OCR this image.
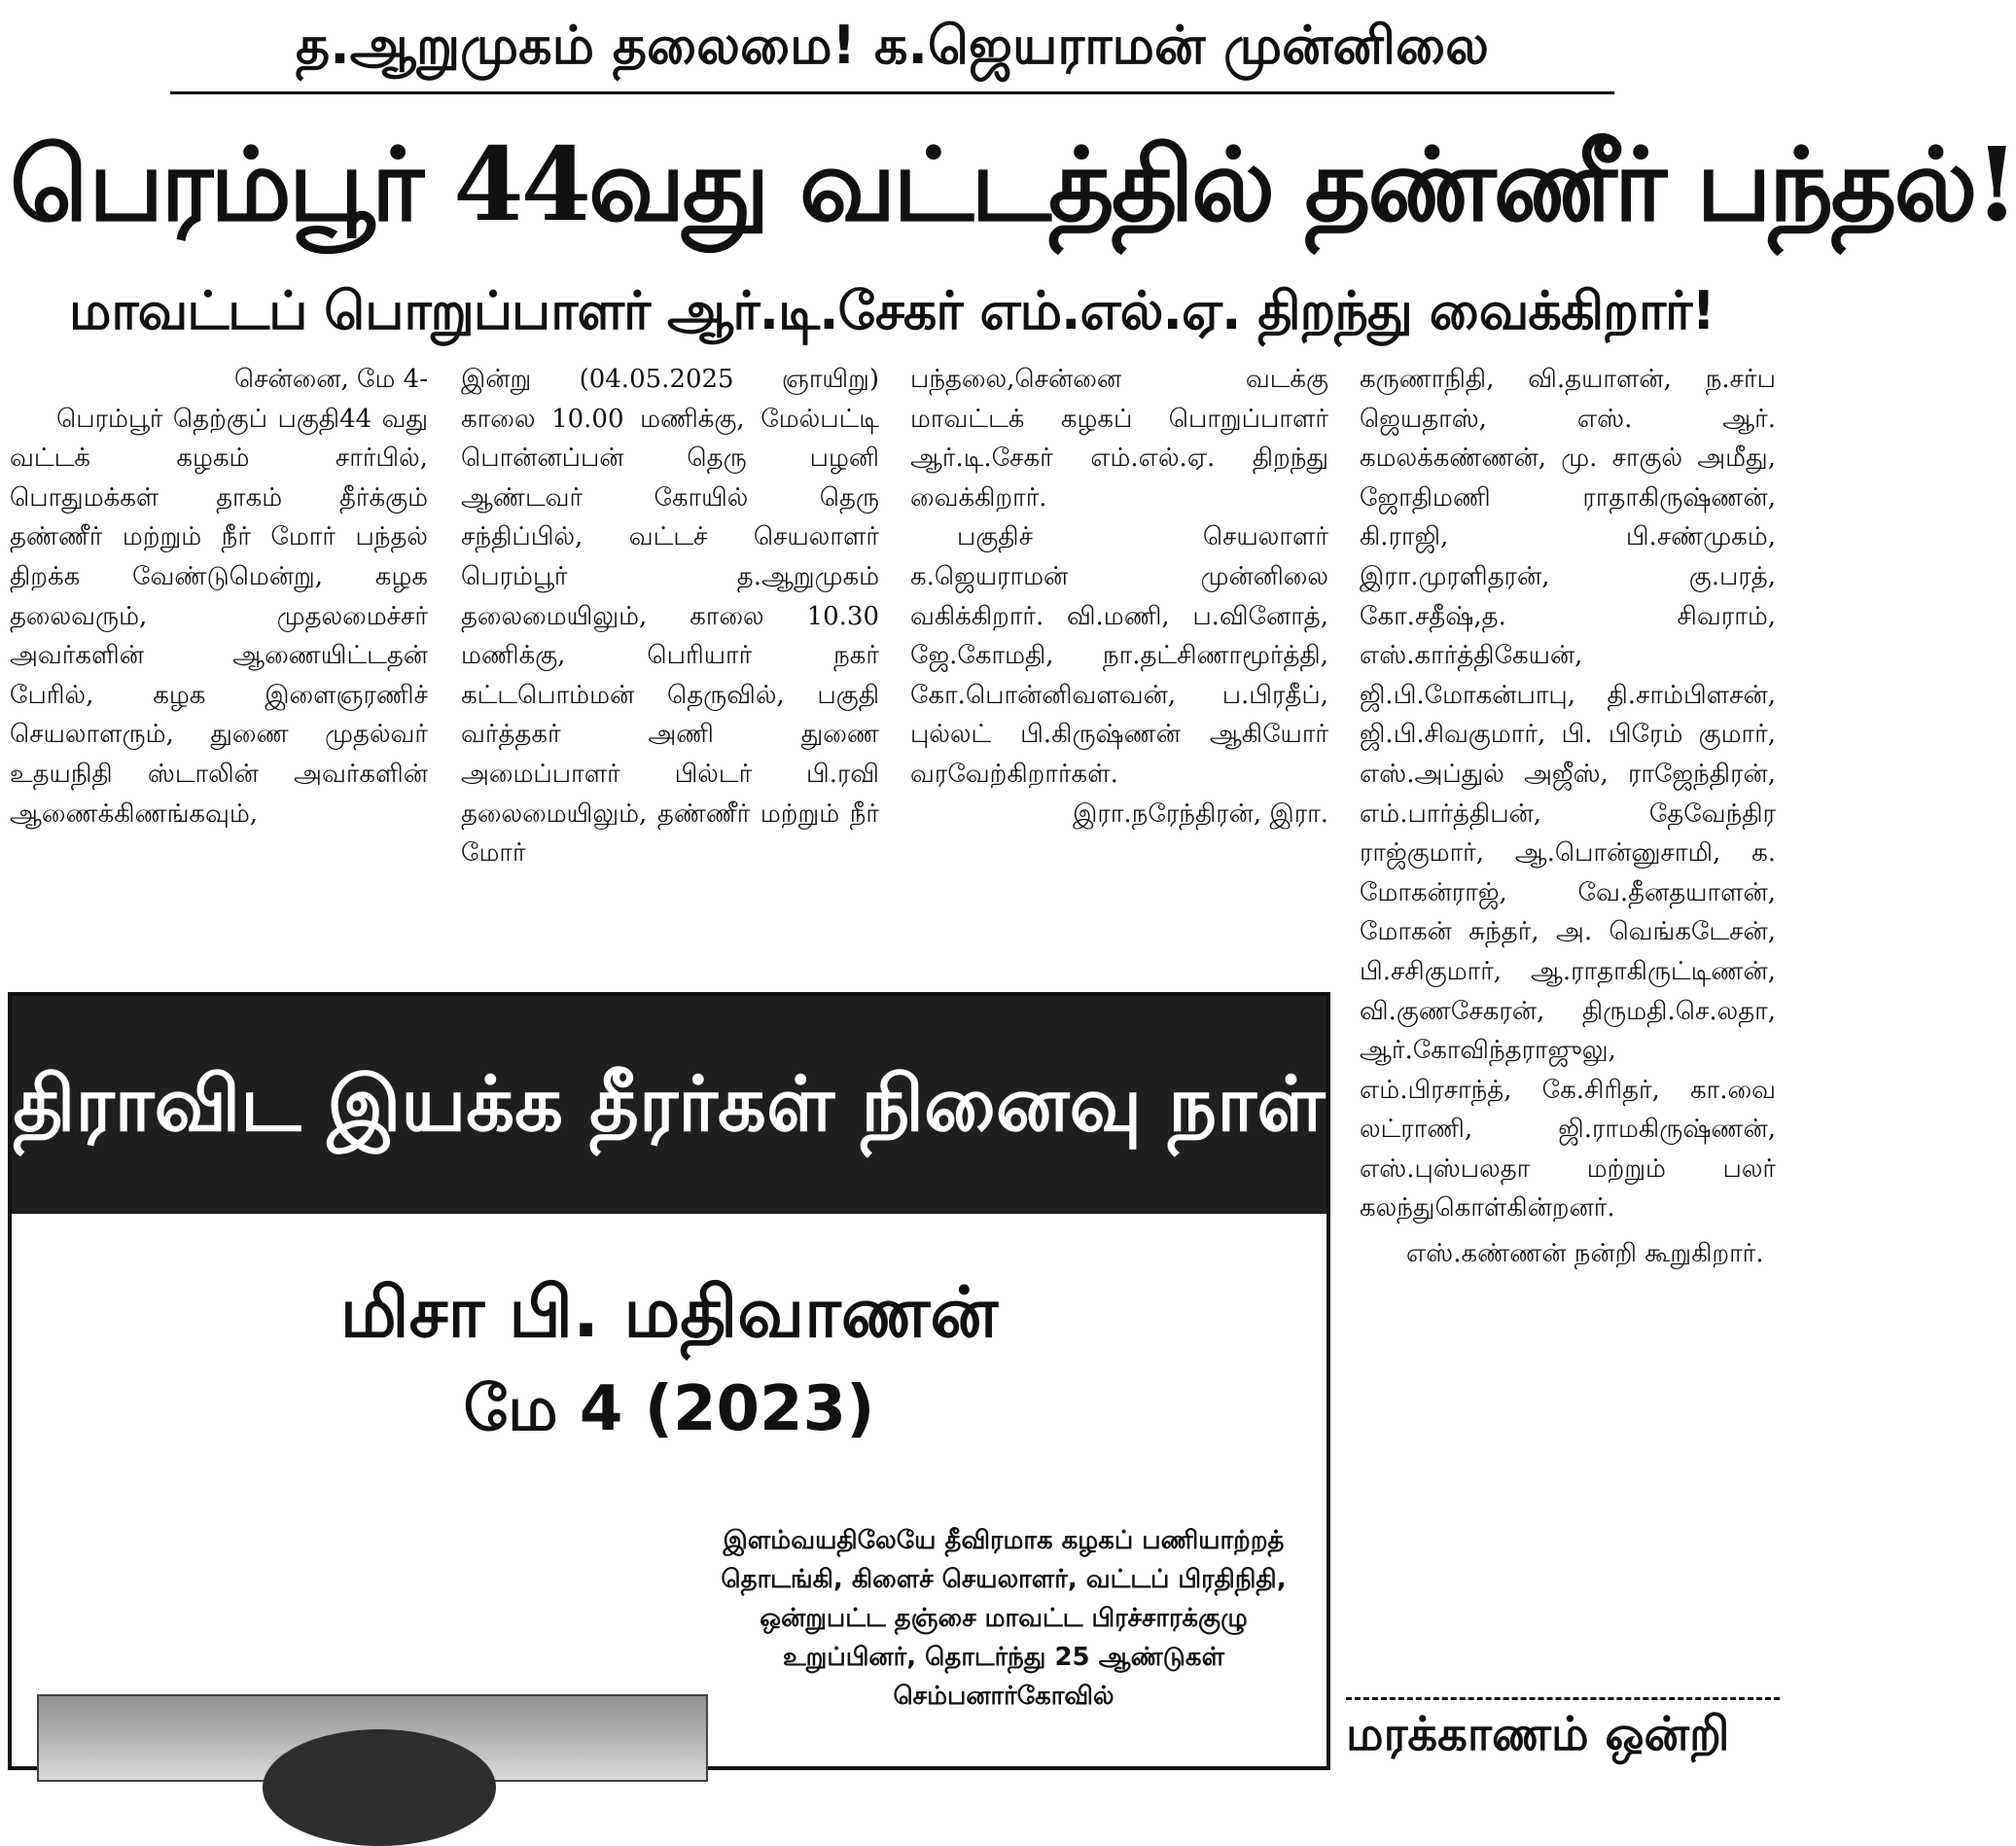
த.ஆறுமுகம் தலைமை! க.ஜெயராமன் முன்னிலை
பெரம்பூர் 44வது வட்டத்தில் தண்ணீர் பந்தல்!
மாவட்டப் பொறுப்பாளர் ஆர்.டி.சேகர் எம்.எல்.ஏ. திறந்து வைக்கிறார்!

சென்னை, மே 4-

பெரம்பூர் தெற்குப் பகுதி44 வது வட்டக் கழகம் சார்பில், பொதுமக்கள் தாகம் தீர்க்கும் தண்ணீர் மற்றும் நீர் மோர் பந்தல் திறக்க வேண்டுமென்று, கழக தலைவரும், முதலமைச்சர் அவர்களின் ஆணையிட்டதன் பேரில், கழக இளைஞரணிச் செயலாளரும், துணை முதல்வர் உதயநிதி ஸ்டாலின் அவர்களின் ஆணைக்கிணங்கவும்,

இன்று (04.05.2025 ஞாயிறு) காலை 10.00 மணிக்கு, மேல்பட்டி பொன்னப்பன் தெரு பழனி ஆண்டவர் கோயில் தெரு சந்திப்பில், வட்டச் செயலாளர் பெரம்பூர் த.ஆறுமுகம் தலைமையிலும், காலை 10.30 மணிக்கு, பெரியார் நகர் கட்டபொம்மன் தெருவில், பகுதி வர்த்தகர் அணி துணை அமைப்பாளர் பில்டர் பி.ரவி தலைமையிலும், தண்ணீர் மற்றும் நீர் மோர்

பந்தலை,சென்னை வடக்கு மாவட்டக் கழகப் பொறுப்பாளர் ஆர்.டி.சேகர் எம்.எல்.ஏ. திறந்து வைக்கிறார்.

பகுதிச் செயலாளர் க.ஜெயராமன் முன்னிலை வகிக்கிறார். வி.மணி, ப.வினோத், ஜே.கோமதி, நா.தட்சிணாமூர்த்தி, கோ.பொன்னிவளவன், ப.பிரதீப், புல்லட் பி.கிருஷ்ணன் ஆகியோர் வரவேற்கிறார்கள்.

இரா.நரேந்திரன், இரா.

கருணாநிதி, வி.தயாளன், ந.சர்ப ஜெயதாஸ், எஸ். ஆர். கமலக்கண்ணன், மு. சாகுல் அமீது, ஜோதிமணி ராதாகிருஷ்ணன், கி.ராஜி, பி.சண்முகம், இரா.முரளிதரன், கு.பரத், கோ.சதீஷ்,த. சிவராம், எஸ்.கார்த்திகேயன், ஜி.பி.மோகன்பாபு, தி.சாம்பிளசன், ஜி.பி.சிவகுமார், பி. பிரேம் குமார், எஸ்.அப்துல் அஜீஸ், ராஜேந்திரன், எம்.பார்த்திபன், தேவேந்திர ராஜ்குமார், ஆ.பொன்னுசாமி, க. மோகன்ராஜ், வே.தீனதயாளன், மோகன் சுந்தர், அ. வெங்கடேசன், பி.சசிகுமார், ஆ.ராதாகிருட்டிணன், வி.குணசேகரன், திருமதி.செ.லதா, ஆர்.கோவிந்தராஜுலு, எம்.பிரசாந்த், கே.சிரிதர், கா.வை லட்ராணி, ஜி.ராமகிருஷ்ணன், எஸ்.புஸ்பலதா மற்றும் பலர் கலந்துகொள்கின்றனர்.

எஸ்.கண்ணன் நன்றி கூறுகிறார்.

திராவிட இயக்க தீரர்கள் நினைவு நாள்
மிசா பி. மதிவாணன்
மே 4 (2023)
இளம்வயதிலேயே தீவிரமாக கழகப் பணியாற்றத் தொடங்கி, கிளைச் செயலாளர், வட்டப் பிரதிநிதி, ஒன்றுபட்ட தஞ்சை மாவட்ட பிரச்சாரக்குழு உறுப்பினர், தொடர்ந்து 25 ஆண்டுகள் செம்பனார்கோவில்
மரக்காணம் ஒன்றி
